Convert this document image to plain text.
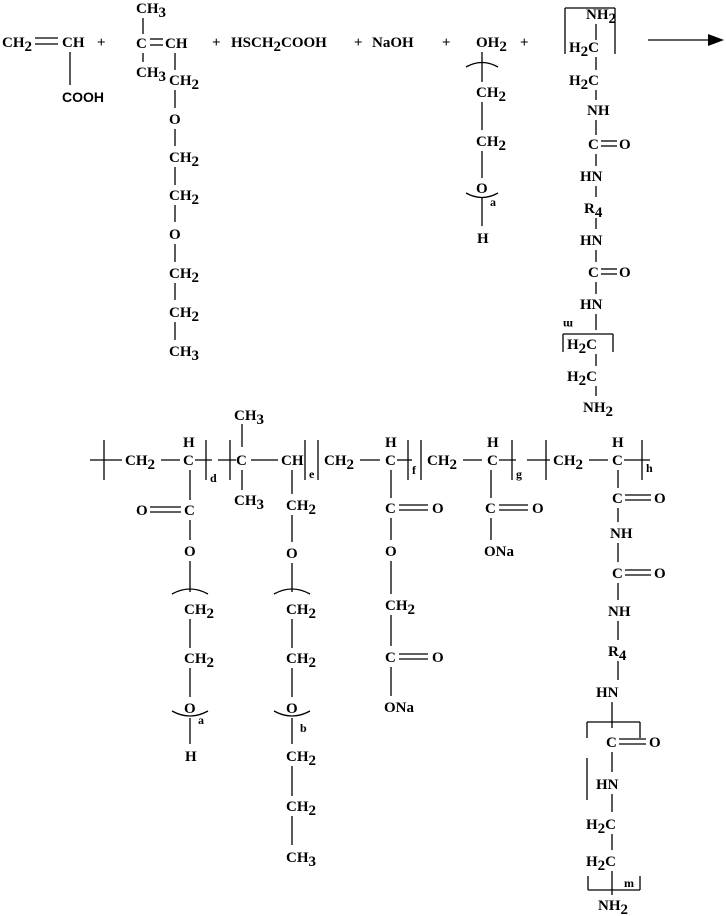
CH2 CH
COOH
+
CH3
C CH
CH3 CH2
O
CH2
CH2
O
CH2
CH2
CH3
+ HSCH2COOH + NaOH + OH2
CH2
CH2
O
a
H
+
NH2
H2C
H2C
NH
C O
HN
R4
HN
C O
HN
m
H2C
H2C
NH2
CH2
H
C
d
C
CH3
CH3
CH
e
CH2
H
C
f
CH2
H
C
g
CH2
H
C h
O C
O
CH2
CH2
O
a
H
CH2
O
CH2
CH2
O
b
CH2
CH2
CH3
C O
O
CH2
C O
ONa
C O
ONa
C O
NH
C O
NH
R4
HN
C O
HN
H2C
H2C
m
NH2
